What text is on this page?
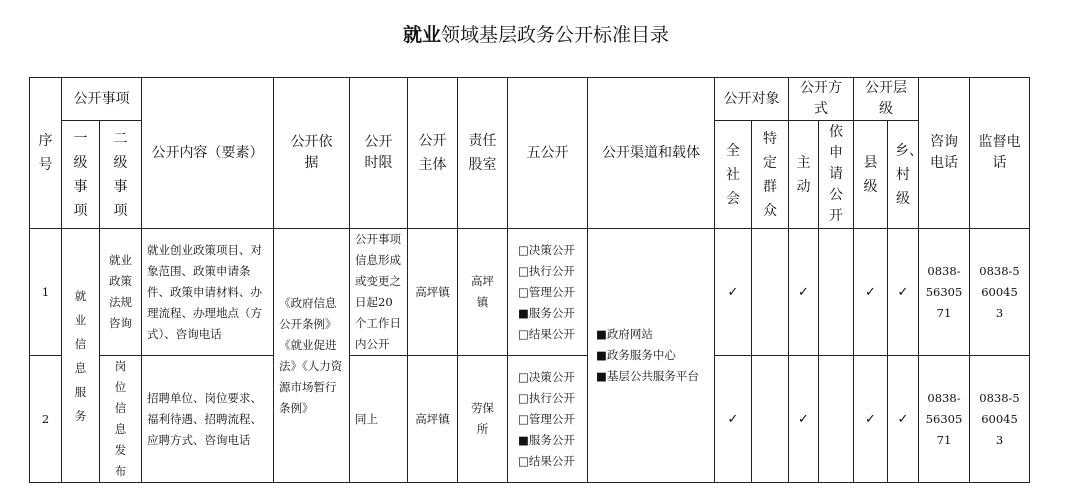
就业领域基层政务公开标准目录
序号	公开事项		公开内容（要素）	公开依据	公开时限	公开主体	责任股室	五公开	公开渠道和载体	公开对象		公开方式		公开层级		咨询电话	监督电话

	一级事项	二级事项								全社会	特定群众	主动	依申请公开	县级	乡、村级		
1	就业信息服务	就业政策法规咨询	就业创业政策项目、对象范围、政策申请条件、政策申请材料、办理流程、办理地点（方式）、咨询电话	《政府信息公开条例》《就业促进法》《人力资源市场暂行条例》	公开事项信息形成或变更之日起20个工作日内公开	高坪镇	高坪镇	□决策公开
□执行公开
□管理公开
■服务公开
□结果公开	■政府网站
■政务服务中心
■基层公共服务平台	✓		✓		✓	✓	0838-5630571	0838-5600453

2		岗位信息发布	招聘单位、岗位要求、福利待遇、招聘流程、应聘方式、咨询电话		同上	高坪镇	劳保所	□决策公开
□执行公开
□管理公开
■服务公开
□结果公开		✓		✓		✓	✓	0838-5630571	0838-5600453
